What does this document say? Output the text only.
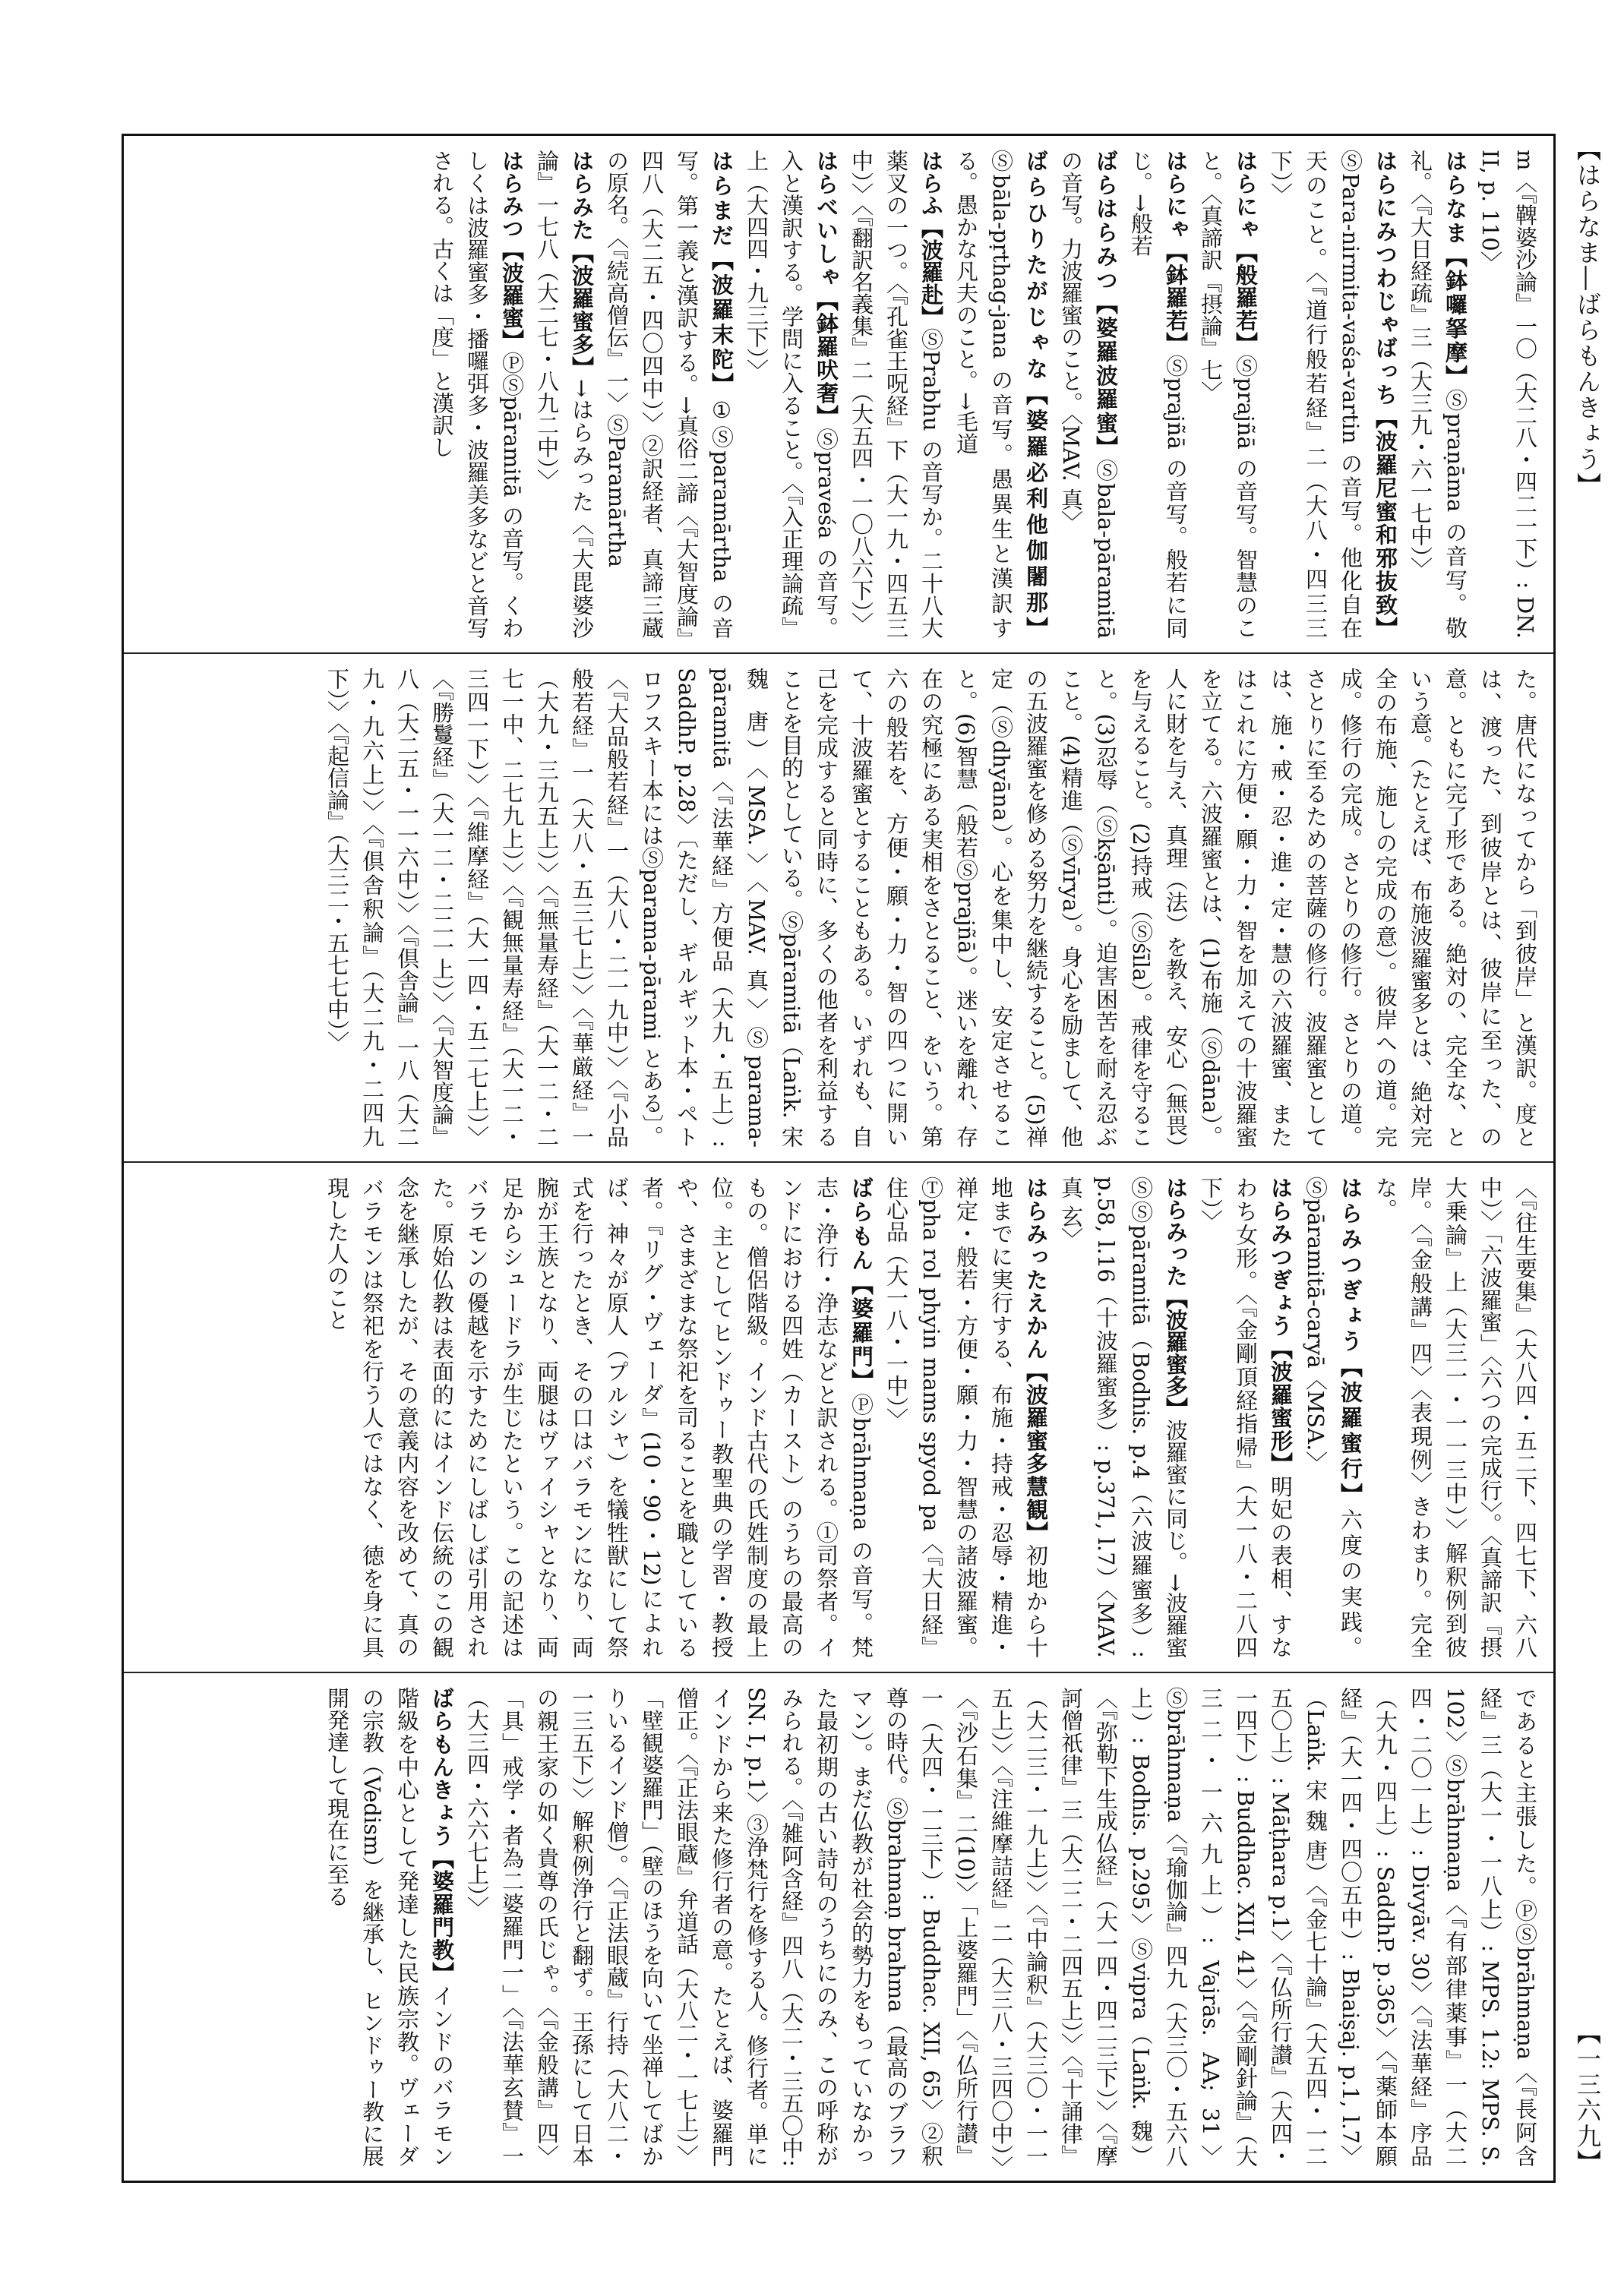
【はらなま―ばらもんきょう】
【一三六九】
m〈『鞞婆沙論』一〇（大二八・四二一下）: DN. II, p. 110〉
はらなま【鉢囉拏摩】Ⓢpraṇāma の音写。敬礼。〈『大日経疏』三（大三九・六一七中）〉
はらにみつわじゃばっち【波羅尼蜜和邪抜致】ⓈPara-nirmita-vaśa-vartin の音写。他化自在天のこと。〈『道行般若経』二（大八・四三三下）〉
はらにゃ【般羅若】Ⓢprajñā の音写。智慧のこと。〈真諦訳『摂論』七〉
はらにゃ【鉢羅若】Ⓢprajñā の音写。般若に同じ。→般若
ばらはらみつ【婆羅波羅蜜】Ⓢbala-pāramitā の音写。力波羅蜜のこと。〈MAV. 真〉
ばらひりたがじゃな【婆羅必利他伽闍那】Ⓢbāla-pṛthag-jana の音写。愚異生と漢訳する。愚かな凡夫のこと。→毛道
はらふ【波羅赴】ⓈPrabhu の音写か。二十八大薬叉の一つ。〈『孔雀王呪経』下（大一九・四五三中）〉〈『翻訳名義集』二（大五四・一〇八六下）〉
はらべいしゃ【鉢羅吠奢】Ⓢpraveśa の音写。入と漢訳する。学問に入ること。〈『入正理論疏』上（大四四・九三下）〉
はらまだ【波羅末陀】①Ⓢparamārtha の音写。第一義と漢訳する。→真俗二諦〈『大智度論』四八（大二五・四〇四中）〉②訳経者、真諦三蔵の原名。〈『続高僧伝』一〉ⓈParamārtha
はらみた【波羅蜜多】→はらみった〈『大毘婆沙論』一七八（大二七・八九二中）〉
はらみつ【波羅蜜】ⓅⓈpāramitā の音写。くわしくは波羅蜜多・播囉弭多・波羅美多などと音写される。古くは「度」と漢訳し
た。唐代になってから「到彼岸」と漢訳。度とは、渡った、到彼岸とは、彼岸に至った、の意。ともに完了形である。絶対の、完全な、という意。（たとえば、布施波羅蜜多とは、絶対完全の布施、施しの完成の意）。彼岸への道。完成。修行の完成。さとりの修行。さとりの道。さとりに至るための菩薩の修行。波羅蜜としては、施・戒・忍・進・定・慧の六波羅蜜、またはこれに方便・願・力・智を加えての十波羅蜜を立てる。六波羅蜜とは、(1)布施（Ⓢdāna）。人に財を与え、真理（法）を教え、安心（無畏）を与えること。(2)持戒（Ⓢśīla）。戒律を守ること。(3)忍辱（Ⓢkṣānti）。迫害困苦を耐え忍ぶこと。(4)精進（Ⓢvīrya）。身心を励まして、他の五波羅蜜を修める努力を継続すること。(5)禅定（Ⓢdhyāna）。心を集中し、安定させること。(6)智慧（般若Ⓢprajñā）。迷いを離れ、存在の究極にある実相をさとること、をいう。第六の般若を、方便・願・力・智の四つに開いて、十波羅蜜とすることもある。いずれも、自己を完成すると同時に、多くの他者を利益することを目的としている。Ⓢpāramitā（Laṅk. 宋 魏 唐）〈MSA.〉〈MAV. 真〉Ⓢparama-pāramitā〈『法華経』方便品（大九・五上）: SaddhP. p.28〉〔ただし、ギルギット本・ペトロフスキー本にはⓈparama-pārami とある〕。〈『大品般若経』一（大八・二一九中）〉〈『小品般若経』一（大八・五三七上）〉〈『華厳経』一（大九・三九五上）〉〈『無量寿経』（大一二・二七一中、二七九上）〉〈『観無量寿経』（大一二・三四一下）〉〈『維摩経』（大一四・五二七上）〉〈『勝鬘経』（大一二・二二一上）〉〈『大智度論』八（大二五・一一六中）〉〈『倶舎論』一八（大二九・九六上）〉〈『倶舎釈論』（大二九・二四九下）〉〈『起信論』（大三二・五七七中）〉
〈『往生要集』（大八四・五二下、四七下、六八中）〉「六波羅蜜」〈六つの完成行〉。〈真諦訳『摂大乗論』上（大三一・一一三中）〉解釈例到彼岸。〈『金般講』四〉〈表現例〉きわまり。完全な。
はらみつぎょう【波羅蜜行】六度の実践。Ⓢpāramitā-caryā〈MSA.〉
はらみつぎょう【波羅蜜形】明妃の表相、すなわち女形。〈『金剛頂経指帰』（大一八・二八四下）〉
はらみった【波羅蜜多】波羅蜜に同じ。→波羅蜜ⓈⓈpāramitā（Bodhis. p.4（六波羅蜜多）: p.58, l.16（十波羅蜜多）: p.371, l.7）〈MAV. 真 玄〉
はらみったえかん【波羅蜜多慧観】初地から十地までに実行する、布施・持戒・忍辱・精進・禅定・般若・方便・願・力・智慧の諸波羅蜜。Ⓣpha rol phyin mams spyod pa〈『大日経』住心品（大一八・一中）〉
ばらもん【婆羅門】Ⓟbrāhmaṇa の音写。梵志・浄行・浄志などと訳される。①司祭者。インドにおける四姓（カースト）のうちの最高のもの。僧侶階級。インド古代の氏姓制度の最上位。主としてヒンドゥー教聖典の学習・教授や、さまざまな祭祀を司ることを職としている者。『リグ・ヴェーダ』(10・90・12)によれば、神々が原人（プルシャ）を犠牲獣にして祭式を行ったとき、その口はバラモンになり、両腕が王族となり、両腿はヴァイシャとなり、両足からシュードラが生じたという。この記述はバラモンの優越を示すためにしばしば引用された。原始仏教は表面的にはインド伝統のこの観念を継承したが、その意義内容を改めて、真のバラモンは祭祀を行う人ではなく、徳を身に具現した人のこと
であると主張した。ⓅⓈbrāhmaṇa〈『長阿含経』三（大一・一八上）: MPS. 1.2: MPS. S. 102〉Ⓢbrāhmaṇa〈『有部律薬事』一（大二四・二〇一上）: Divyāv. 30〉〈『法華経』序品（大九・四上）: SaddhP. p.365〉〈『薬師本願経』（大一四・四〇五中）: Bhaiṣaj. p.1, l.7〉（Laṅk. 宋 魏 唐）〈『金七十論』（大五四・一二五〇上）: Māṭhara p.1〉〈『仏所行讃』（大四・一四下）: Buddhac. XII, 41〉〈『金剛針論』（大三二・一六九上）: Vajrās. AA; 31〉Ⓢbrāhmaṇa〈『瑜伽論』四九（大三〇・五六八上）: Bodhis. p.295〉Ⓢvipra（Laṅk. 魏）〈『弥勒下生成仏経』（大一四・四二三下）〉〈『摩訶僧祇律』三（大二二・二四五上）〉〈『十誦律』（大二三・一九上）〉〈『中論釈』（大三〇・一一五上）〉〈『注維摩詰経』二（大三八・三四〇中）〉〈『沙石集』二(10)〉「上婆羅門」〈『仏所行讃』一（大四・一三下）: Buddhac. XII, 65〉②釈尊の時代。Ⓢbrahmaṇ brahma（最高のブラフマン）。まだ仏教が社会的勢力をもっていなかった最初期の古い詩句のうちにのみ、この呼称がみられる。〈『雑阿含経』四八（大二・三五〇中: SN. I, p.1〉③浄梵行を修する人。修行者。単にインドから来た修行者の意。たとえば、婆羅門僧正。〈『正法眼蔵』弁道話（大八二・一七上）〉「壁観婆羅門」（壁のほうを向いて坐禅してばかりいるインド僧）。〈『正法眼蔵』行持（大八二・一三五下）〉解釈例浄行と翻ず。王孫にして日本の親王家の如く貴尊の氏じゃ。〈『金般講』四〉「具」戒学・者為二婆羅門一」〈『法華玄賛』一（大三四・六六七上）〉
ばらもんきょう【婆羅門教】インドのバラモン階級を中心として発達した民族宗教。ヴェーダの宗教（Vedism）を継承し、ヒンドゥー教に展開発達して現在に至る
